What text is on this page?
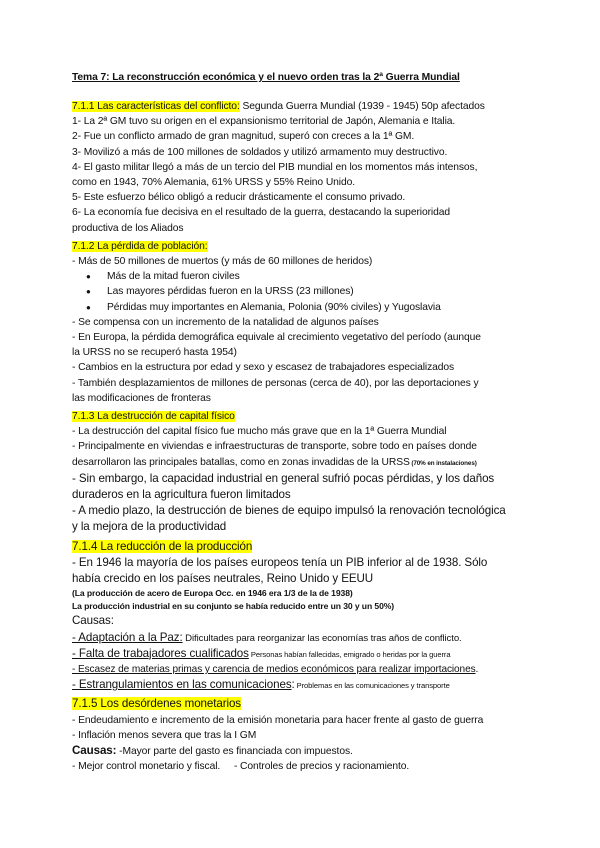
Tema 7: La reconstrucción económica y el nuevo orden tras la 2ª Guerra Mundial
7.1.1 Las características del conflicto: Segunda Guerra Mundial (1939 - 1945) 50p afectados
1- La 2ª GM tuvo su origen en el expansionismo territorial de Japón, Alemania e Italia.
2- Fue un conflicto armado de gran magnitud, superó con creces a la 1ª GM.
3- Movilizó a más de 100 millones de soldados y utilizó armamento muy destructivo.
4- El gasto militar llegó a más de un tercio del PIB mundial en los momentos más intensos,
como en 1943, 70% Alemania, 61% URSS y 55% Reino Unido.
5- Este esfuerzo bélico obligó a reducir drásticamente el consumo privado.
6- La economía fue decisiva en el resultado de la guerra, destacando la superioridad
productiva de los Aliados
7.1.2 La pérdida de población:
- Más de 50 millones de muertos (y más de 60 millones de heridos)
● Más de la mitad fueron civiles
● Las mayores pérdidas fueron en la URSS (23 millones)
● Pérdidas muy importantes en Alemania, Polonia (90% civiles) y Yugoslavia
- Se compensa con un incremento de la natalidad de algunos países
- En Europa, la pérdida demográfica equivale al crecimiento vegetativo del período (aunque
la URSS no se recuperó hasta 1954)
- Cambios en la estructura por edad y sexo y escasez de trabajadores especializados
- También desplazamientos de millones de personas (cerca de 40), por las deportaciones y
las modificaciones de fronteras
7.1.3 La destrucción de capital físico
- La destrucción del capital físico fue mucho más grave que en la 1ª Guerra Mundial
- Principalmente en viviendas e infraestructuras de transporte, sobre todo en países donde
desarrollaron las principales batallas, como en zonas invadidas de la URSS (70% en instalaciones)
- Sin embargo, la capacidad industrial en general sufrió pocas pérdidas, y los daños
duraderos en la agricultura fueron limitados
- A medio plazo, la destrucción de bienes de equipo impulsó la renovación tecnológica
y la mejora de la productividad
7.1.4 La reducción de la producción
- En 1946 la mayoría de los países europeos tenía un PIB inferior al de 1938. Sólo
había crecido en los países neutrales, Reino Unido y EEUU
(La producción de acero de Europa Occ. en 1946 era 1/3 de la de 1938)
La producción industrial en su conjunto se había reducido entre un 30 y un 50%)
Causas:
- Adaptación a la Paz: Dificultades para reorganizar las economías tras años de conflicto.
- Falta de trabajadores cualificados Personas habían fallecidas, emigrado o heridas por la guerra
- Escasez de materias primas y carencia de medios económicos para realizar importaciones.
- Estrangulamientos en las comunicaciones: Problemas en las comunicaciones y transporte
7.1.5 Los desórdenes monetarios
- Endeudamiento e incremento de la emisión monetaria para hacer frente al gasto de guerra
- Inflación menos severa que tras la I GM
Causas: -Mayor parte del gasto es financiada con impuestos.
- Mejor control monetario y fiscal.     - Controles de precios y racionamiento.
